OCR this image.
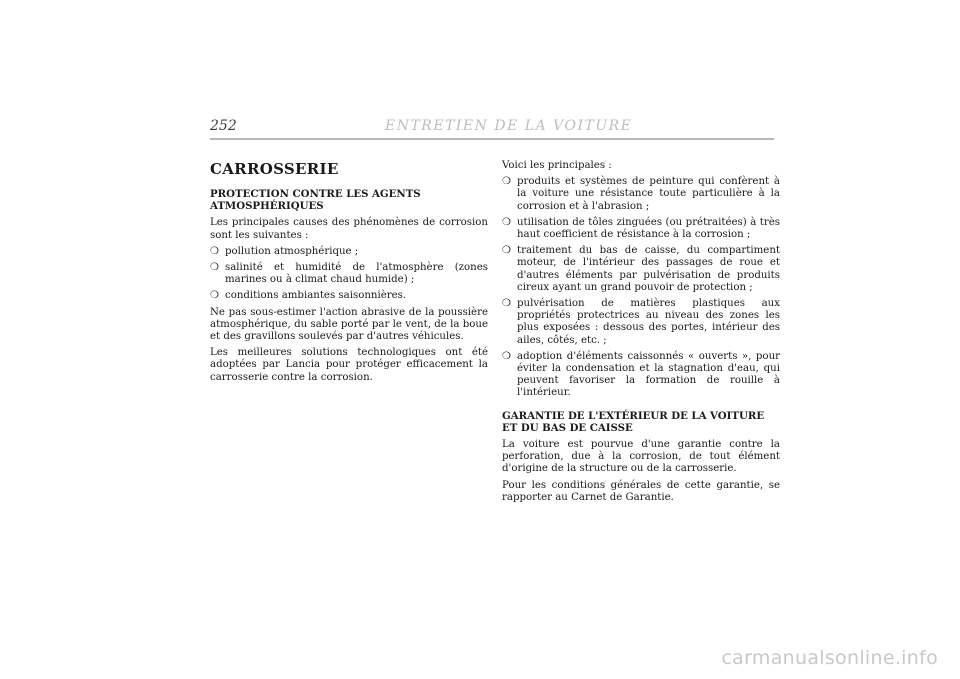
252	ENTRETIEN DE LA VOITURE
CARROSSERIE
PROTECTION CONTRE LES AGENTS ATMOSPHÉRIQUES

Les principales causes des phénomènes de corrosion sont les suivantes :

❍ pollution atmosphérique ;
❍ salinité et humidité de l'atmosphère (zones marines ou à climat chaud humide) ;
❍ conditions ambiantes saisonnières.

Ne pas sous-estimer l'action abrasive de la poussière atmosphérique, du sable porté par le vent, de la boue et des gravillons soulevés par d'autres véhicules.

Les meilleures solutions technologiques ont été adoptées par Lancia pour protéger efficacement la carrosserie contre la corrosion.

Voici les principales :

❍ produits et systèmes de peinture qui confèrent à la voiture une résistance toute particulière à la corrosion et à l'abrasion ;
❍ utilisation de tôles zinguées (ou prétraitées) à très haut coefficient de résistance à la corrosion ;
❍ traitement du bas de caisse, du compartiment moteur, de l'intérieur des passages de roue et d'autres éléments par pulvérisation de produits cireux ayant un grand pouvoir de protection ;
❍ pulvérisation de matières plastiques aux propriétés protectrices au niveau des zones les plus exposées : dessous des portes, intérieur des ailes, côtés, etc. ;
❍ adoption d'éléments caissonnés « ouverts », pour éviter la condensation et la stagnation d'eau, qui peuvent favoriser la formation de rouille à l'intérieur.
GARANTIE DE L'EXTÉRIEUR DE LA VOITURE ET DU BAS DE CAISSE

La voiture est pourvue d'une garantie contre la perforation, due à la corrosion, de tout élément d'origine de la structure ou de la carrosserie.

Pour les conditions générales de cette garantie, se rapporter au Carnet de Garantie.

carmanualsonline.info
